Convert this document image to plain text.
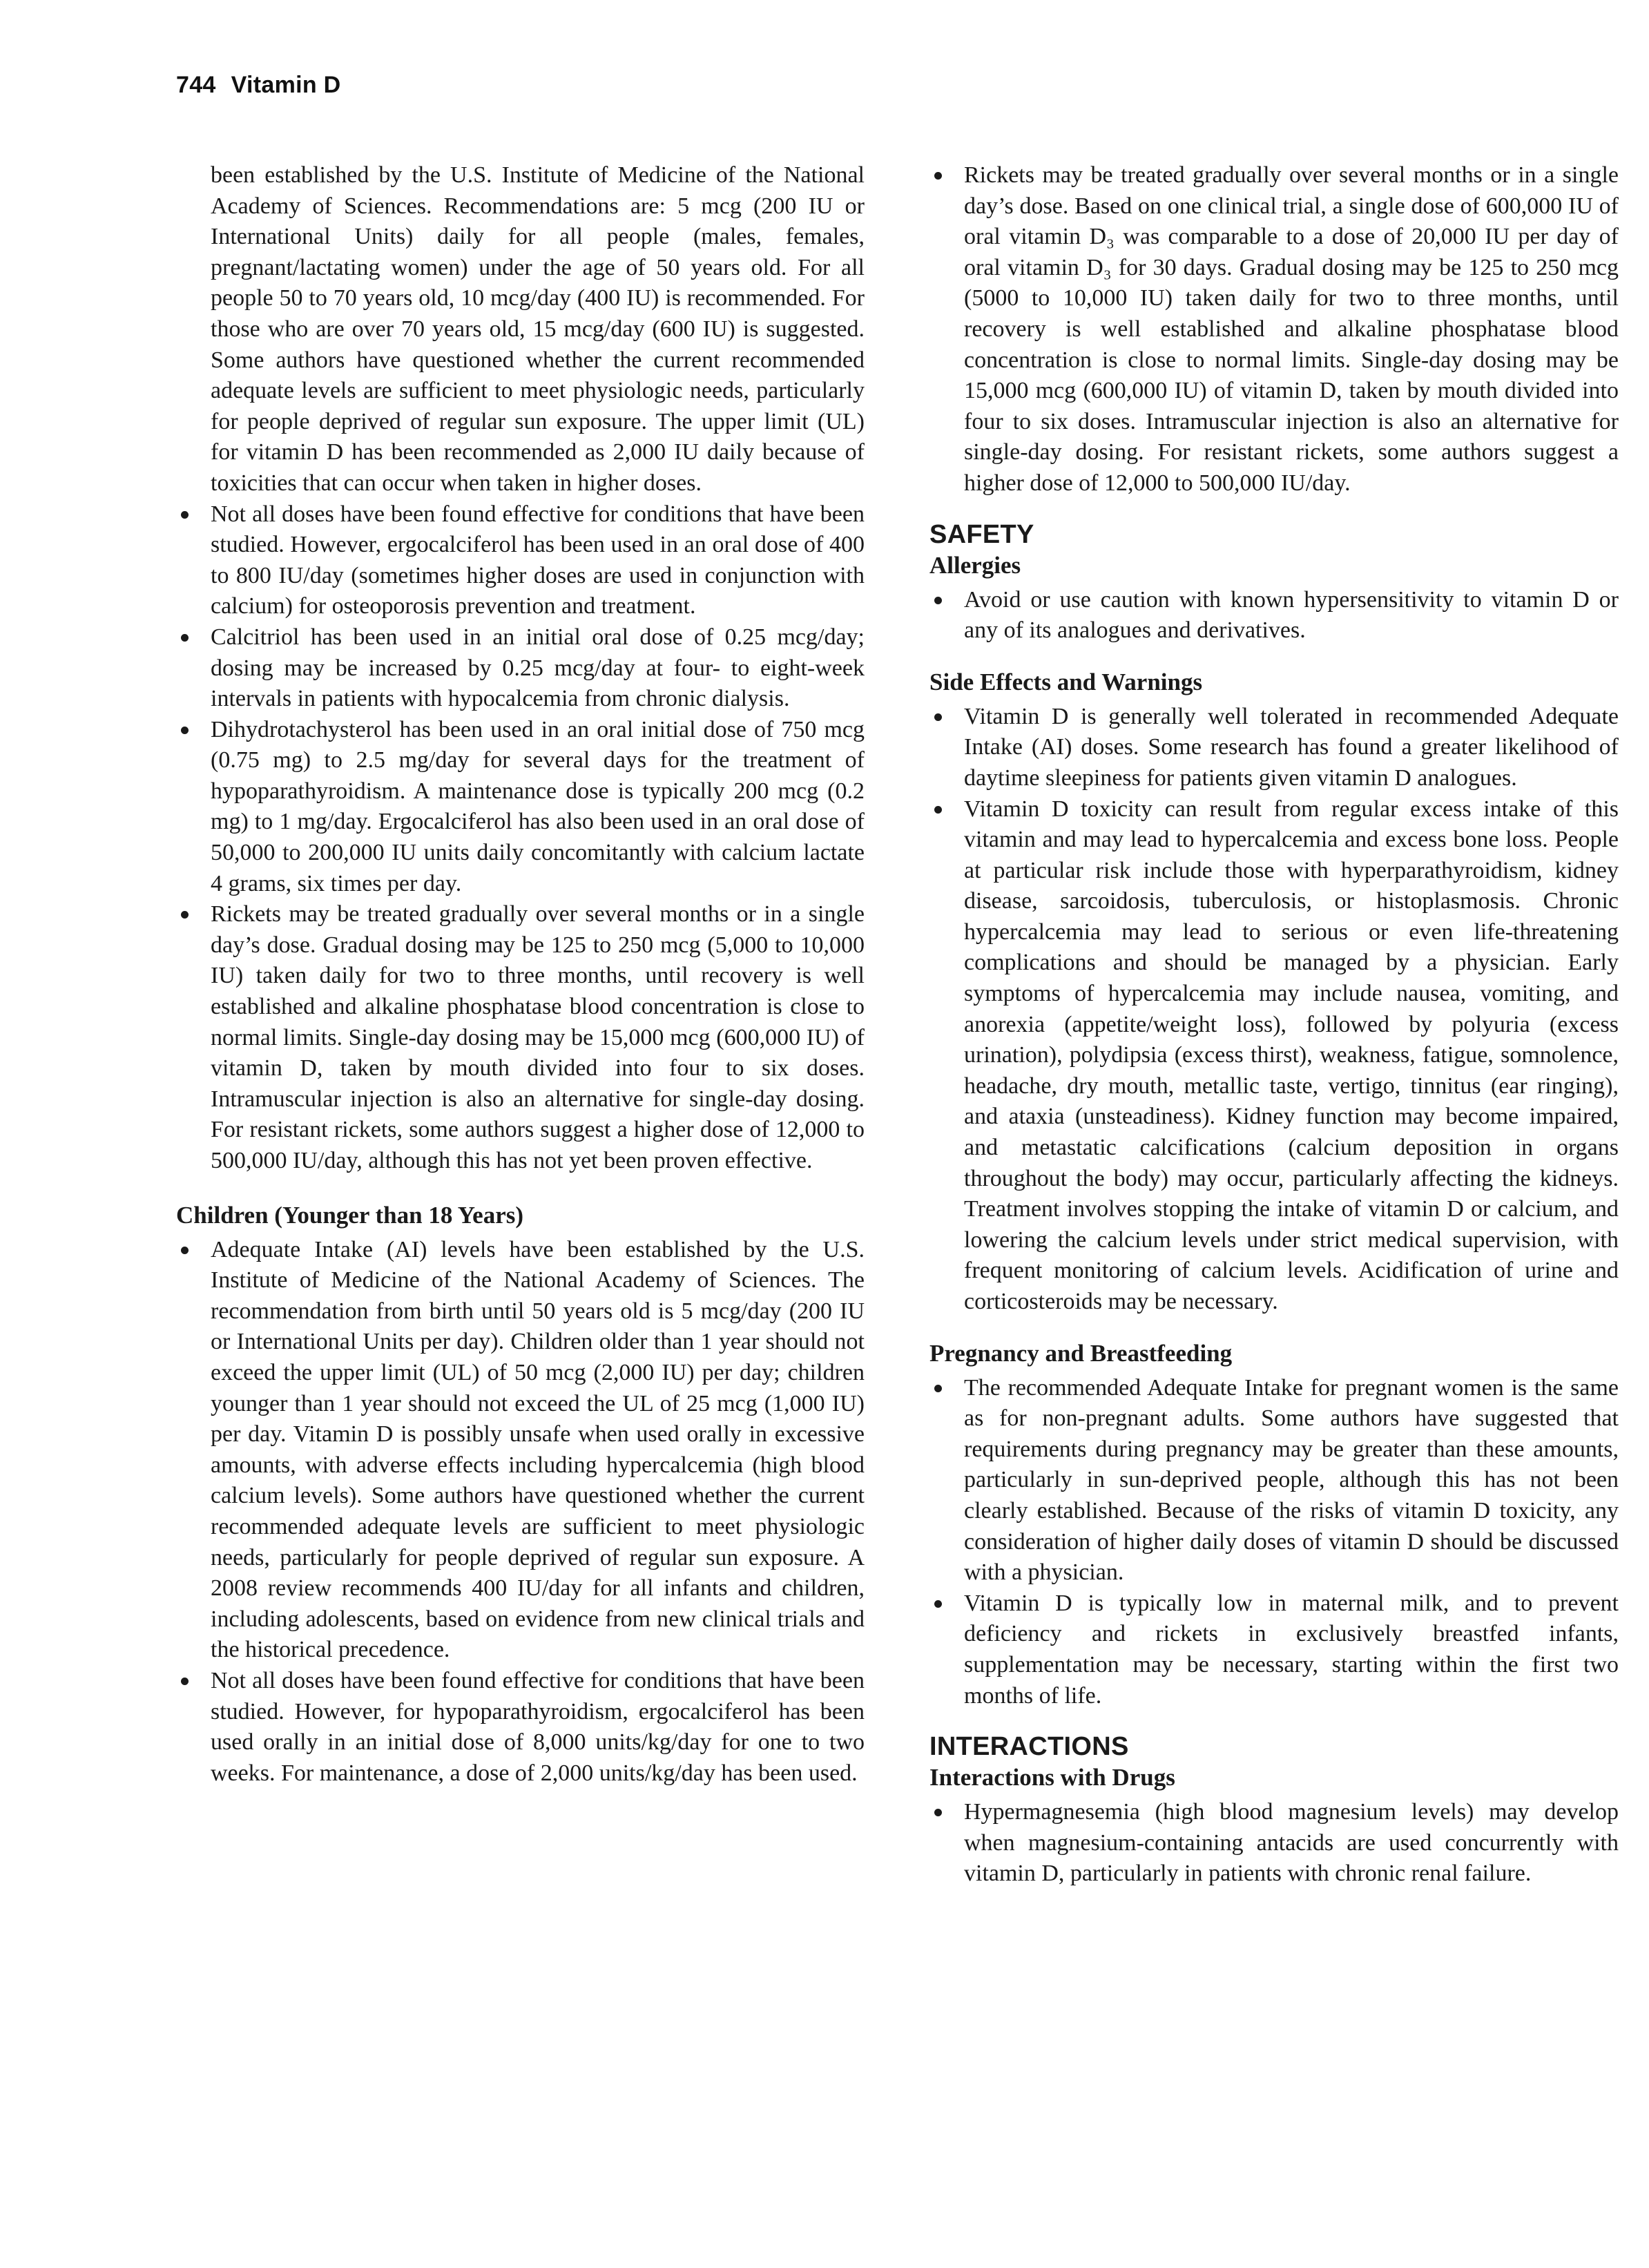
744 Vitamin D

been established by the U.S. Institute of Medicine of the National Academy of Sciences. Recommendations are: 5 mcg (200 IU or International Units) daily for all people (males, females, pregnant/lactating women) under the age of 50 years old. For all people 50 to 70 years old, 10 mcg/day (400 IU) is recommended. For those who are over 70 years old, 15 mcg/day (600 IU) is suggested. Some authors have questioned whether the current recommended adequate levels are sufficient to meet physiologic needs, particularly for people deprived of regular sun exposure. The upper limit (UL) for vitamin D has been recommended as 2,000 IU daily because of toxicities that can occur when taken in higher doses.

Not all doses have been found effective for conditions that have been studied. However, ergocalciferol has been used in an oral dose of 400 to 800 IU/day (sometimes higher doses are used in conjunction with calcium) for osteoporosis prevention and treatment.
Calcitriol has been used in an initial oral dose of 0.25 mcg/day; dosing may be increased by 0.25 mcg/day at four- to eight-week intervals in patients with hypocalcemia from chronic dialysis.
Dihydrotachysterol has been used in an oral initial dose of 750 mcg (0.75 mg) to 2.5 mg/day for several days for the treatment of hypoparathyroidism. A maintenance dose is typically 200 mcg (0.2 mg) to 1 mg/day. Ergocalciferol has also been used in an oral dose of 50,000 to 200,000 IU units daily concomitantly with calcium lactate 4 grams, six times per day.
Rickets may be treated gradually over several months or in a single day’s dose. Gradual dosing may be 125 to 250 mcg (5,000 to 10,000 IU) taken daily for two to three months, until recovery is well established and alkaline phosphatase blood concentration is close to normal limits. Single-day dosing may be 15,000 mcg (600,000 IU) of vitamin D, taken by mouth divided into four to six doses. Intramuscular injection is also an alternative for single-day dosing. For resistant rickets, some authors suggest a higher dose of 12,000 to 500,000 IU/day, although this has not yet been proven effective.
Children (Younger than 18 Years)
Adequate Intake (AI) levels have been established by the U.S. Institute of Medicine of the National Academy of Sciences. The recommendation from birth until 50 years old is 5 mcg/day (200 IU or International Units per day). Children older than 1 year should not exceed the upper limit (UL) of 50 mcg (2,000 IU) per day; children younger than 1 year should not exceed the UL of 25 mcg (1,000 IU) per day. Vitamin D is possibly unsafe when used orally in excessive amounts, with adverse effects including hypercalcemia (high blood calcium levels). Some authors have questioned whether the current recommended adequate levels are sufficient to meet physiologic needs, particularly for people deprived of regular sun exposure. A 2008 review recommends 400 IU/day for all infants and children, including adolescents, based on evidence from new clinical trials and the historical precedence.
Not all doses have been found effective for conditions that have been studied. However, for hypoparathyroidism, ergocalciferol has been used orally in an initial dose of 8,000 units/kg/day for one to two weeks. For maintenance, a dose of 2,000 units/kg/day has been used.
Rickets may be treated gradually over several months or in a single day’s dose. Based on one clinical trial, a single dose of 600,000 IU of oral vitamin D₃ was comparable to a dose of 20,000 IU per day of oral vitamin D₃ for 30 days. Gradual dosing may be 125 to 250 mcg (5000 to 10,000 IU) taken daily for two to three months, until recovery is well established and alkaline phosphatase blood concentration is close to normal limits. Single-day dosing may be 15,000 mcg (600,000 IU) of vitamin D, taken by mouth divided into four to six doses. Intramuscular injection is also an alternative for single-day dosing. For resistant rickets, some authors suggest a higher dose of 12,000 to 500,000 IU/day.
SAFETY
Allergies
Avoid or use caution with known hypersensitivity to vitamin D or any of its analogues and derivatives.
Side Effects and Warnings
Vitamin D is generally well tolerated in recommended Adequate Intake (AI) doses. Some research has found a greater likelihood of daytime sleepiness for patients given vitamin D analogues.
Vitamin D toxicity can result from regular excess intake of this vitamin and may lead to hypercalcemia and excess bone loss. People at particular risk include those with hyperparathyroidism, kidney disease, sarcoidosis, tuberculosis, or histoplasmosis. Chronic hypercalcemia may lead to serious or even life-threatening complications and should be managed by a physician. Early symptoms of hypercalcemia may include nausea, vomiting, and anorexia (appetite/weight loss), followed by polyuria (excess urination), polydipsia (excess thirst), weakness, fatigue, somnolence, headache, dry mouth, metallic taste, vertigo, tinnitus (ear ringing), and ataxia (unsteadiness). Kidney function may become impaired, and metastatic calcifications (calcium deposition in organs throughout the body) may occur, particularly affecting the kidneys. Treatment involves stopping the intake of vitamin D or calcium, and lowering the calcium levels under strict medical supervision, with frequent monitoring of calcium levels. Acidification of urine and corticosteroids may be necessary.
Pregnancy and Breastfeeding
The recommended Adequate Intake for pregnant women is the same as for non-pregnant adults. Some authors have suggested that requirements during pregnancy may be greater than these amounts, particularly in sun-deprived people, although this has not been clearly established. Because of the risks of vitamin D toxicity, any consideration of higher daily doses of vitamin D should be discussed with a physician.
Vitamin D is typically low in maternal milk, and to prevent deficiency and rickets in exclusively breastfed infants, supplementation may be necessary, starting within the first two months of life.
INTERACTIONS
Interactions with Drugs
Hypermagnesemia (high blood magnesium levels) may develop when magnesium-containing antacids are used concurrently with vitamin D, particularly in patients with chronic renal failure.
